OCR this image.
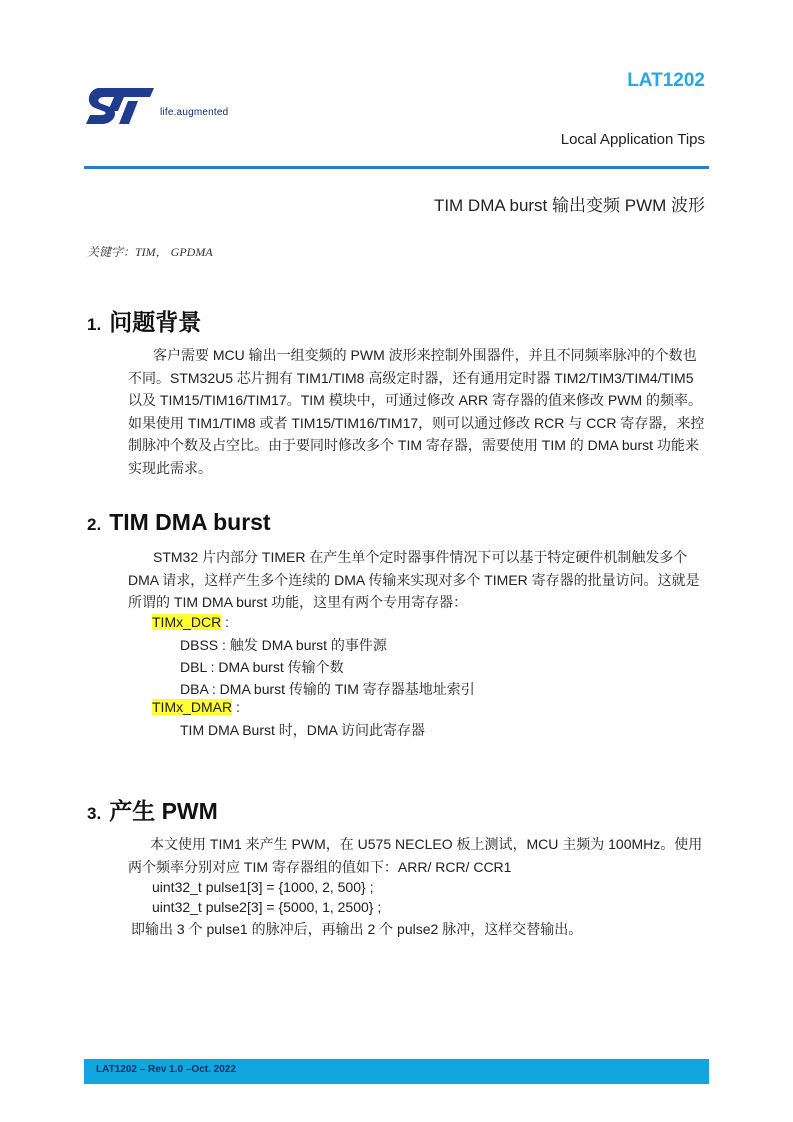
life.augmented
LAT1202
Local Application Tips
TIM DMA burst 输出变频 PWM 波形
关键字：TIM， GPDMA
1. 问题背景

客户需要 MCU 输出一组变频的 PWM 波形来控制外围器件，并且不同频率脉冲的个数也不同。STM32U5 芯片拥有 TIM1/TIM8 高级定时器，还有通用定时器 TIM2/TIM3/TIM4/TIM5 以及 TIM15/TIM16/TIM17。TIM 模块中，可通过修改 ARR 寄存器的值来修改 PWM 的频率。如果使用 TIM1/TIM8 或者 TIM15/TIM16/TIM17，则可以通过修改 RCR 与 CCR 寄存器，来控制脉冲个数及占空比。由于要同时修改多个 TIM 寄存器，需要使用 TIM 的 DMA burst 功能来实现此需求。

2. TIM DMA burst

STM32 片内部分 TIMER 在产生单个定时器事件情况下可以基于特定硬件机制触发多个 DMA 请求，这样产生多个连续的 DMA 传输来实现对多个 TIMER 寄存器的批量访问。这就是所谓的 TIM DMA burst 功能，这里有两个专用寄存器：

TIMx_DCR :
DBSS : 触发 DMA burst 的事件源
DBL : DMA burst 传输个数
DBA : DMA burst 传输的 TIM 寄存器基地址索引
TIMx_DMAR :
TIM DMA Burst 时，DMA 访问此寄存器
3. 产生 PWM

本文使用 TIM1 来产生 PWM，在 U575 NECLEO 板上测试，MCU 主频为 100MHz。使用两个频率分别对应 TIM 寄存器组的值如下：ARR/ RCR/ CCR1

uint32_t pulse1[3] = {1000, 2, 500} ;
uint32_t pulse2[3] = {5000, 1, 2500} ;
即输出 3 个 pulse1 的脉冲后，再输出 2 个 pulse2 脉冲，这样交替输出。
LAT1202 – Rev 1.0 –Oct. 2022
